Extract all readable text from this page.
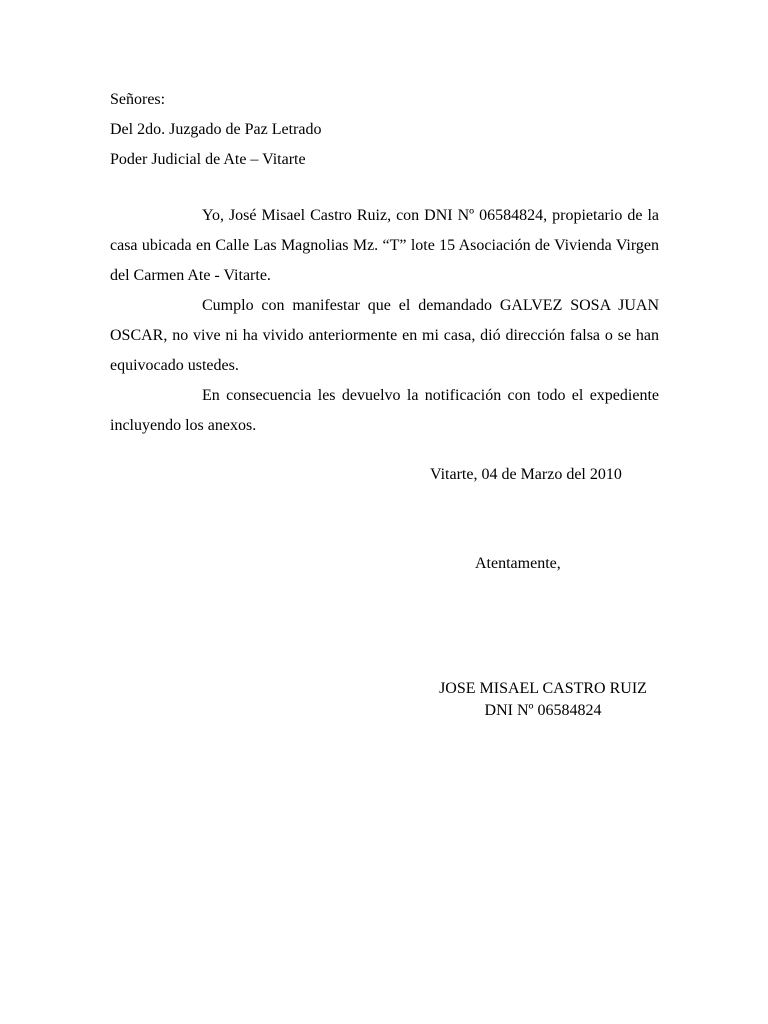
Señores:
Del 2do. Juzgado de Paz Letrado
Poder Judicial de Ate – Vitarte

Yo, José Misael Castro Ruiz, con DNI Nº 06584824, propietario de la casa ubicada en Calle Las Magnolias Mz. “T” lote 15 Asociación de Vivienda Virgen del Carmen Ate - Vitarte.

Cumplo con manifestar que el demandado GALVEZ SOSA JUAN OSCAR, no vive ni ha vivido anteriormente en mi casa, dió dirección falsa o se han equivocado ustedes.

En consecuencia les devuelvo la notificación con todo el expediente incluyendo los anexos.

Vitarte, 04 de Marzo del 2010
Atentamente,
JOSE MISAEL CASTRO RUIZ
DNI Nº 06584824
